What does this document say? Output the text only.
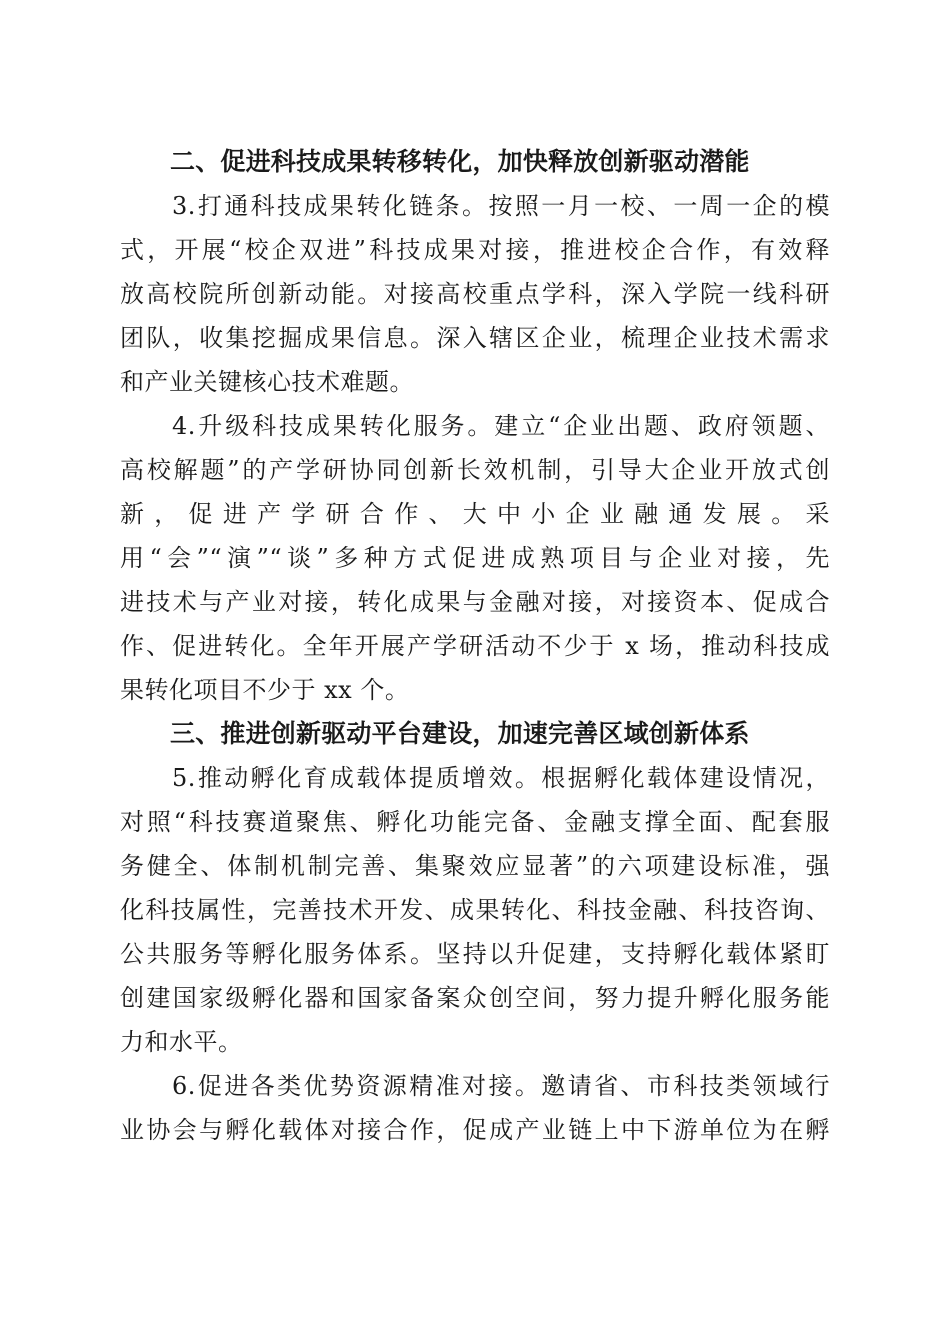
二、促进科技成果转移转化，加快释放创新驱动潜能
3.打通科技成果转化链条。按照一月一校、一周一企的模
式，开展“校企双进”科技成果对接，推进校企合作，有效释
放高校院所创新动能。对接高校重点学科，深入学院一线科研
团队，收集挖掘成果信息。深入辖区企业，梳理企业技术需求
和产业关键核心技术难题。
4.升级科技成果转化服务。建立“企业出题、政府领题、
高校解题”的产学研协同创新长效机制，引导大企业开放式创
新，促进产学研合作、大中小企业融通发展。采
用“会”“演”“谈”多种方式促进成熟项目与企业对接，先
进技术与产业对接，转化成果与金融对接，对接资本、促成合
作、促进转化。全年开展产学研活动不少于 x 场，推动科技成
果转化项目不少于 xx 个。
三、推进创新驱动平台建设，加速完善区域创新体系
5.推动孵化育成载体提质增效。根据孵化载体建设情况，
对照“科技赛道聚焦、孵化功能完备、金融支撑全面、配套服
务健全、体制机制完善、集聚效应显著”的六项建设标准，强
化科技属性，完善技术开发、成果转化、科技金融、科技咨询、
公共服务等孵化服务体系。坚持以升促建，支持孵化载体紧盯
创建国家级孵化器和国家备案众创空间，努力提升孵化服务能
力和水平。
6.促进各类优势资源精准对接。邀请省、市科技类领域行
业协会与孵化载体对接合作，促成产业链上中下游单位为在孵
